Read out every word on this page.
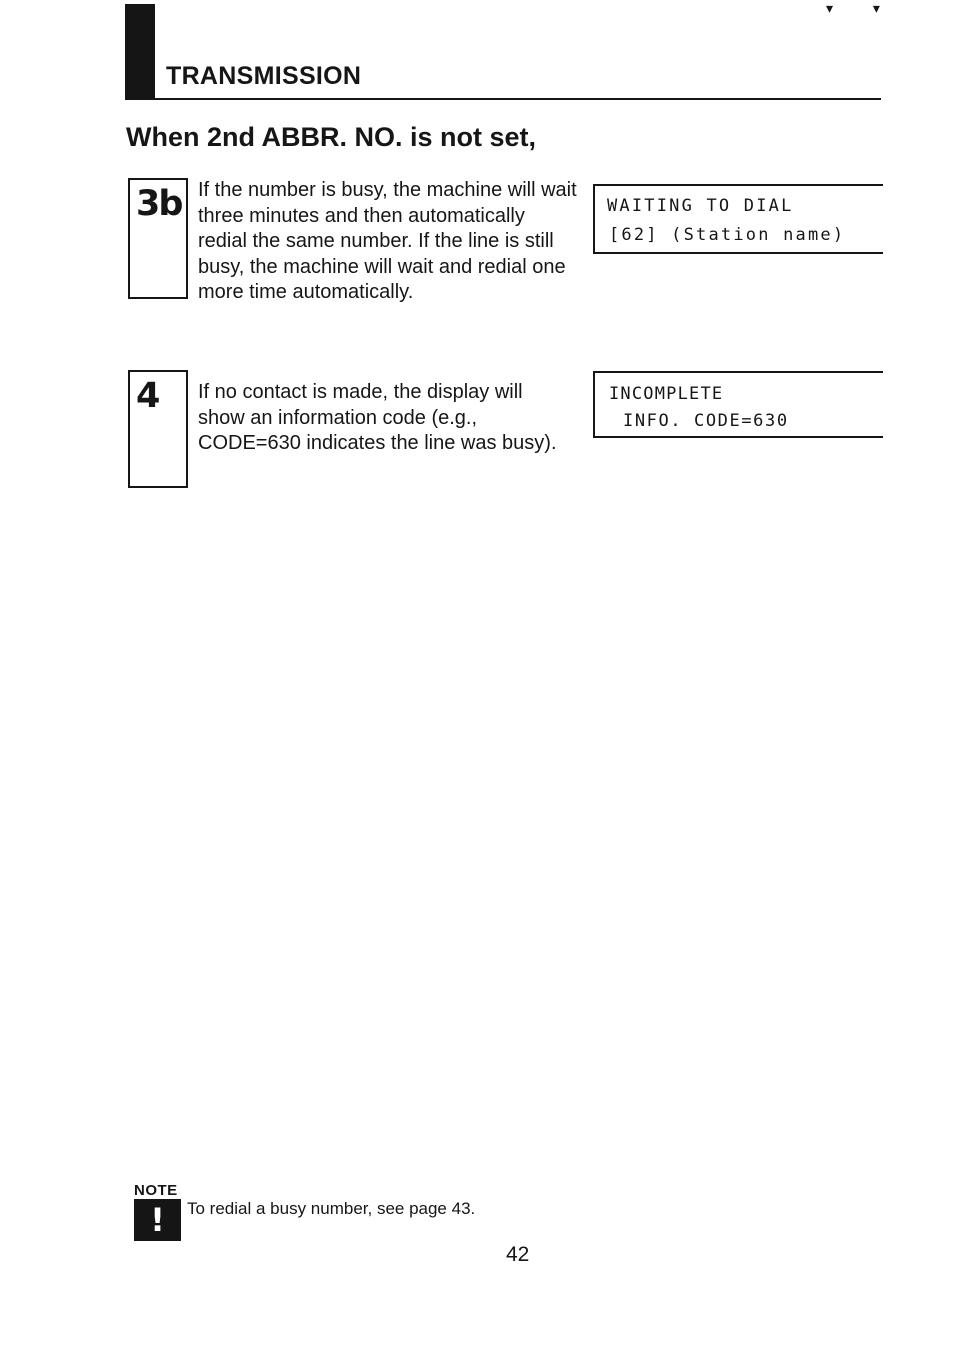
TRANSMISSION
▾ ▾
When 2nd ABBR. NO. is not set,
3b If the number is busy, the machine will wait three minutes and then automatically redial the same number. If the line is still busy, the machine will wait and redial one more time automatically.

WAITING TO DIAL
[62] (Station name)
4 If no contact is made, the display will show an information code (e.g., CODE=630 indicates the line was busy).

INCOMPLETE
INFO. CODE=630
NOTE
!	To redial a busy number, see page 43.
42
